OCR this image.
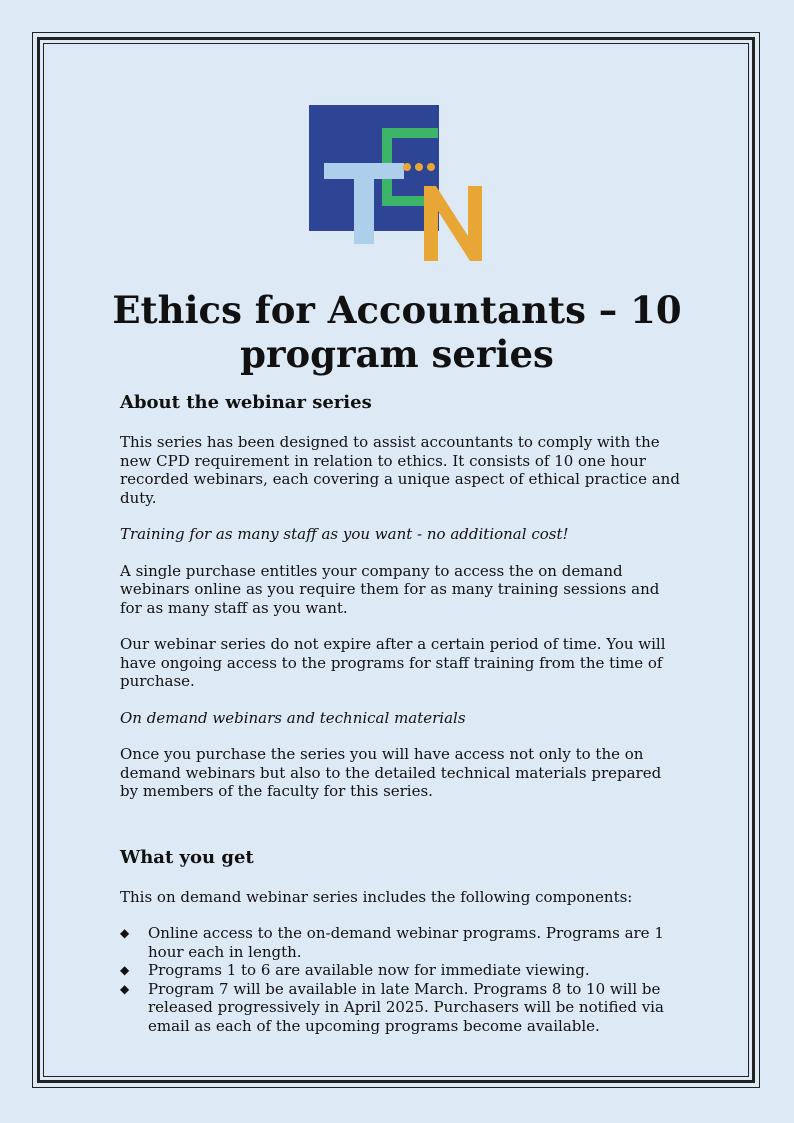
Ethics for Accountants – 10 program series
About the webinar series

This series has been designed to assist accountants to comply with the new CPD requirement in relation to ethics. It consists of 10 one hour recorded webinars, each covering a unique aspect of ethical practice and duty.

Training for as many staff as you want - no additional cost!

A single purchase entitles your company to access the on demand webinars online as you require them for as many training sessions and for as many staff as you want.

Our webinar series do not expire after a certain period of time. You will have ongoing access to the programs for staff training from the time of purchase.

On demand webinars and technical materials

Once you purchase the series you will have access not only to the on demand webinars but also to the detailed technical materials prepared by members of the faculty for this series.

What you get

This on demand webinar series includes the following components:

◆ Online access to the on-demand webinar programs. Programs are 1 hour each in length.
◆ Programs 1 to 6 are available now for immediate viewing.
◆ Program 7 will be available in late March. Programs 8 to 10 will be released progressively in April 2025. Purchasers will be notified via email as each of the upcoming programs become available.
